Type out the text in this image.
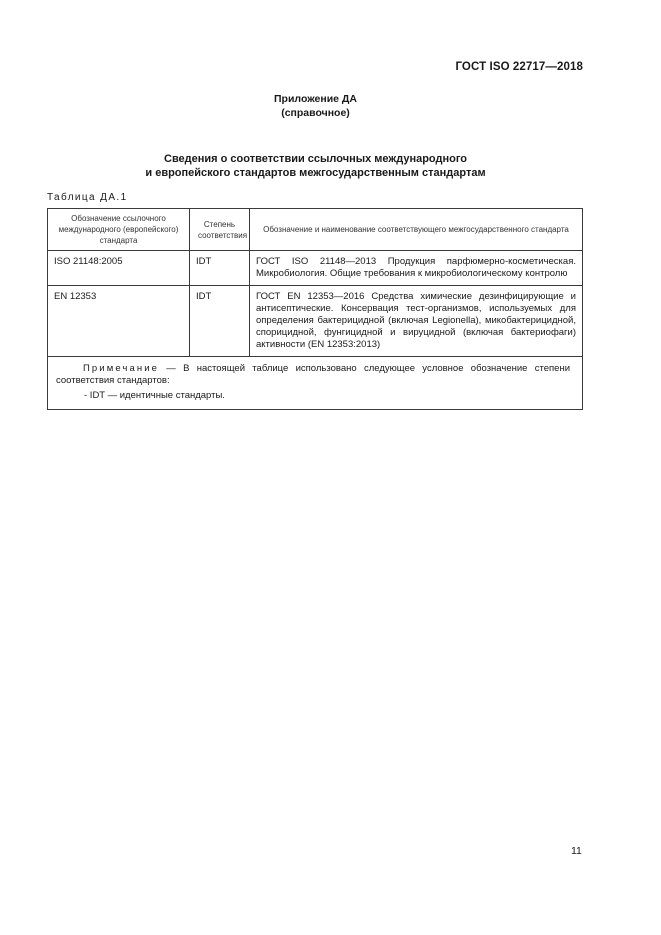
ГОСТ ISO 22717—2018
Приложение ДА
(справочное)
Сведения о соответствии ссылочных международного
и европейского стандартов межгосударственным стандартам
Таблица ДА.1
Обозначение ссылочного международного (европейского) стандарта	Степень соответствия	Обозначение и наименование соответствующего межгосударственного стандарта
ISO 21148:2005	IDT	ГОСТ ISO 21148—2013 Продукция парфюмерно-косметическая. Микробиология. Общие требования к микробиологическому контролю
EN 12353	IDT	ГОСТ EN 12353—2016 Средства химические дезинфицирующие и антисептические. Консервация тест-организмов, используемых для определения бактерицидной (включая Legionella), микобактерицидной, спорицидной, фунгицидной и вируцидной (включая бактериофаги) активности (EN 12353:2013)

Примечание — В настоящей таблице использовано следующее условное обозначение степени соответствия стандартов:
- IDT — идентичные стандарты.		
11
